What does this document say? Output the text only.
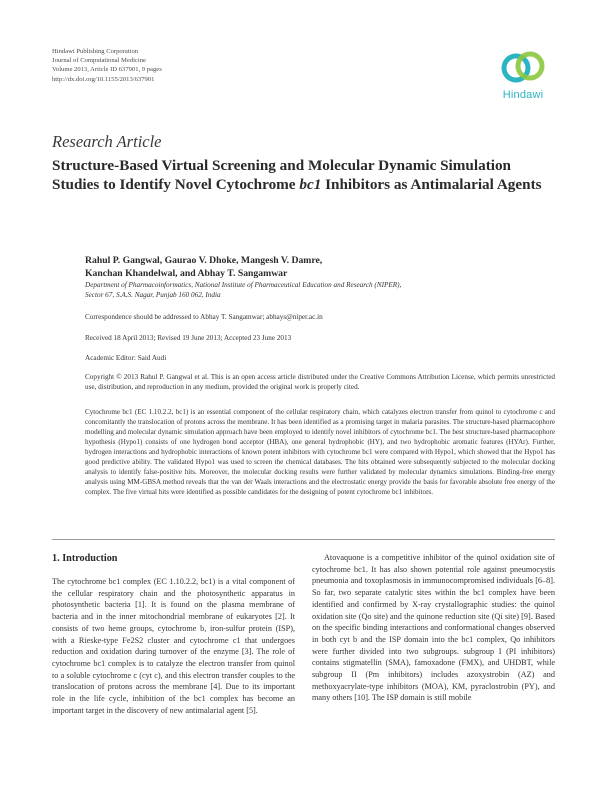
Hindawi Publishing Corporation
Journal of Computational Medicine
Volume 2013, Article ID 637901, 9 pages
http://dx.doi.org/10.1155/2013/637901
Hindawi
Research Article
Structure-Based Virtual Screening and Molecular Dynamic Simulation Studies to Identify Novel Cytochrome bc1 Inhibitors as Antimalarial Agents
Rahul P. Gangwal, Gaurao V. Dhoke, Mangesh V. Damre,
Kanchan Khandelwal, and Abhay T. Sangamwar
Department of Pharmacoinformatics, National Institute of Pharmaceutical Education and Research (NIPER),
Sector 67, S.A.S. Nagar, Punjab 160 062, India
Correspondence should be addressed to Abhay T. Sangamwar; abhays@niper.ac.in
Received 18 April 2013; Revised 19 June 2013; Accepted 23 June 2013
Academic Editor: Said Audi
Copyright © 2013 Rahul P. Gangwal et al. This is an open access article distributed under the Creative Commons Attribution License, which permits unrestricted use, distribution, and reproduction in any medium, provided the original work is properly cited.
Cytochrome bc1 (EC 1.10.2.2, bc1) is an essential component of the cellular respiratory chain, which catalyzes electron transfer from quinol to cytochrome c and concomitantly the translocation of protons across the membrane. It has been identified as a promising target in malaria parasites. The structure-based pharmacophore modelling and molecular dynamic simulation approach have been employed to identify novel inhibitors of cytochrome bc1. The best structure-based pharmacophore hypothesis (Hypo1) consists of one hydrogen bond acceptor (HBA), one general hydrophobic (HY), and two hydrophobic aromatic features (HYAr). Further, hydrogen interactions and hydrophobic interactions of known potent inhibitors with cytochrome bc1 were compared with Hypo1, which showed that the Hypo1 has good predictive ability. The validated Hypo1 was used to screen the chemical databases. The hits obtained were subsequently subjected to the molecular docking analysis to identify false-positive hits. Moreover, the molecular docking results were further validated by molecular dynamics simulations. Binding-free energy analysis using MM-GBSA method reveals that the van der Waals interactions and the electrostatic energy provide the basis for favorable absolute free energy of the complex. The five virtual hits were identified as possible candidates for the designing of potent cytochrome bc1 inhibitors.
1. Introduction

The cytochrome bc1 complex (EC 1.10.2.2, bc1) is a vital component of the cellular respiratory chain and the photosynthetic apparatus in photosynthetic bacteria [1]. It is found on the plasma membrane of bacteria and in the inner mitochondrial membrane of eukaryotes [2]. It consists of two heme groups, cytochrome b, iron-sulfur protein (ISP), with a Rieske-type Fe2S2 cluster and cytochrome c1 that undergoes reduction and oxidation during turnover of the enzyme [3]. The role of cytochrome bc1 complex is to catalyze the electron transfer from quinol to a soluble cytochrome c (cyt c), and this electron transfer couples to the translocation of protons across the membrane [4]. Due to its important role in the life cycle, inhibition of the bc1 complex has become an important target in the discovery of new antimalarial agent [5].

Atovaquone is a competitive inhibitor of the quinol oxidation site of cytochrome bc1. It has also shown potential role against pneumocystis pneumonia and toxoplasmosis in immunocompromised individuals [6–8]. So far, two separate catalytic sites within the bc1 complex have been identified and confirmed by X-ray crystallographic studies: the quinol oxidation site (Qo site) and the quinone reduction site (Qi site) [9]. Based on the specific binding interactions and conformational changes observed in both cyt b and the ISP domain into the bc1 complex, Qo inhibitors were further divided into two subgroups. subgroup I (PI inhibitors) contains stigmatellin (SMA), famoxadone (FMX), and UHDBT, while subgroup II (Pm inhibitors) includes azoxystrobin (AZ) and methoxyacrylate-type inhibitors (MOA), KM, pyraclostrobin (PY), and many others [10]. The ISP domain is still mobile
